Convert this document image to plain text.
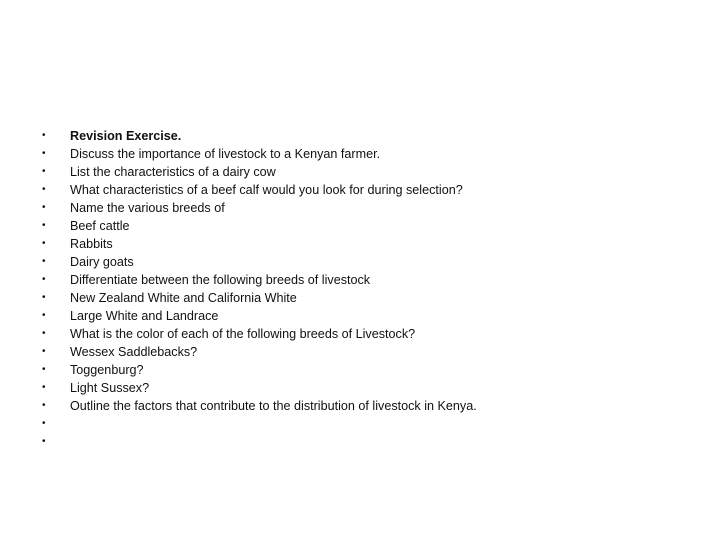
•	Revision Exercise.
•	Discuss the importance of livestock to a Kenyan farmer.
•	List the characteristics of a dairy cow
•	What characteristics of a beef calf would you look for during selection?
•	Name the various breeds of
•	Beef cattle
•	Rabbits
•	Dairy goats
•	Differentiate between the following breeds of livestock
•	New Zealand White and California White
•	Large White and Landrace
•	What is the color of each of the following breeds of Livestock?
•	Wessex Saddlebacks?
•	Toggenburg?
•	Light Sussex?
•	Outline the factors that contribute to the distribution of livestock in Kenya.
•
•
